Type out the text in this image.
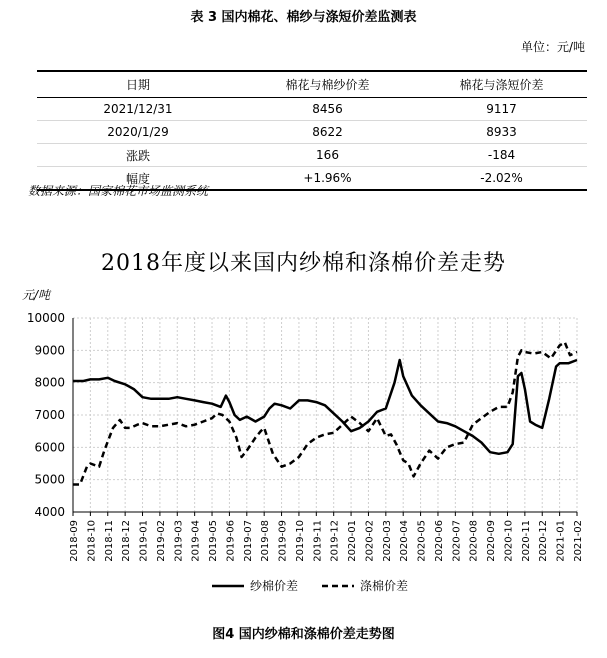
表 3 国内棉花、棉纱与涤短价差监测表
单位：元/吨
日期	棉花与棉纱价差	棉花与涤短价差
2021/12/31	8456	9117
2020/1/29	8622	8933
涨跌	166	-184
幅度	+1.96%	-2.02%
数据来源：国家棉花市场监测系统
2018年度以来国内纱棉和涤棉价差走势
元/吨
4000
5000
6000
7000
8000
9000
10000
2018-09 2018-10 2018-11 2018-12 2019-01 2019-02 2019-03 2019-04 2019-05 2019-06 2019-07 2019-08 2019-09 2019-10 2019-11 2019-12 2020-01 2020-02 2020-03 2020-04 2020-05 2020-06 2020-07 2020-08 2020-09 2020-10 2020-11 2020-12 2021-01 2021-02
纱棉价差	涤棉价差
图4 国内纱棉和涤棉价差走势图
